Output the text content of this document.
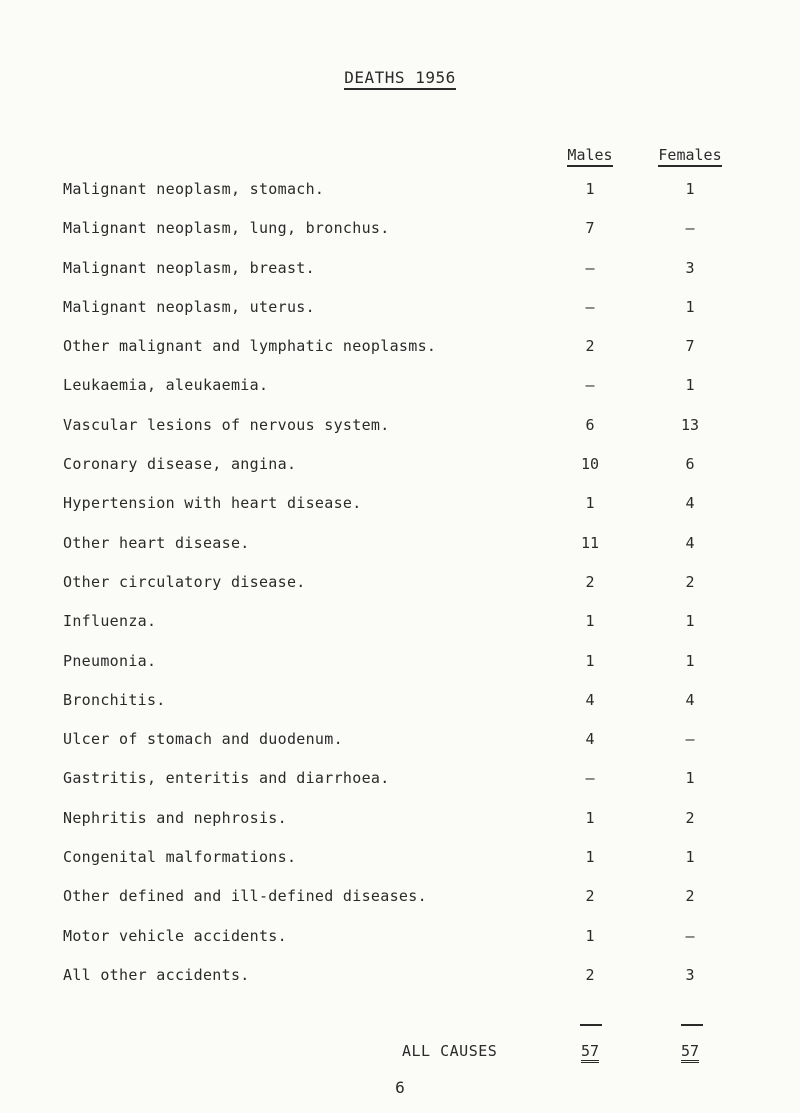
DEATHS 1956
Males	Females
Malignant neoplasm, stomach.	1	1
Malignant neoplasm, lung, bronchus.	7	–
Malignant neoplasm, breast.	–	3
Malignant neoplasm, uterus.	–	1
Other malignant and lymphatic neoplasms.	2	7
Leukaemia, aleukaemia.	–	1
Vascular lesions of nervous system.	6	13
Coronary disease, angina.	10	6
Hypertension with heart disease.	1	4
Other heart disease.	11	4
Other circulatory disease.	2	2
Influenza.	1	1
Pneumonia.	1	1
Bronchitis.	4	4
Ulcer of stomach and duodenum.	4	–
Gastritis, enteritis and diarrhoea.	–	1
Nephritis and nephrosis.	1	2
Congenital malformations.	1	1
Other defined and ill-defined diseases.	2	2
Motor vehicle accidents.	1	–
All other accidents.	2	3
ALL CAUSES	57	57
6
